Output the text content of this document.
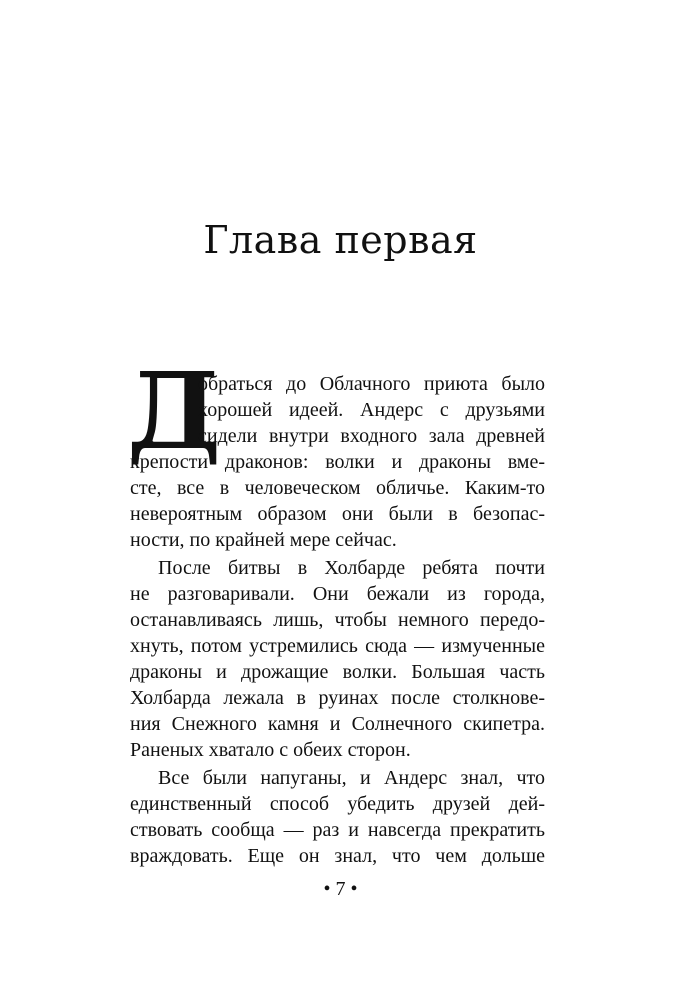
Глава первая
Д
обраться до Облачного приюта было
хорошей идеей. Андерс с друзьями
сидели внутри входного зала древней
крепости драконов: волки и драконы вме-
сте, все в человеческом обличье. Каким-то
невероятным образом они были в безопас-
ности, по крайней мере сейчас.
После битвы в Холбарде ребята почти
не разговаривали. Они бежали из города,
останавливаясь лишь, чтобы немного передо-
хнуть, потом устремились сюда — измученные
драконы и дрожащие волки. Большая часть
Холбарда лежала в руинах после столкнове-
ния Снежного камня и Солнечного скипетра.
Раненых хватало с обеих сторон.
Все были напуганы, и Андерс знал, что
единственный способ убедить друзей дей-
ствовать сообща — раз и навсегда прекратить
враждовать. Еще он знал, что чем дольше
• 7 •
